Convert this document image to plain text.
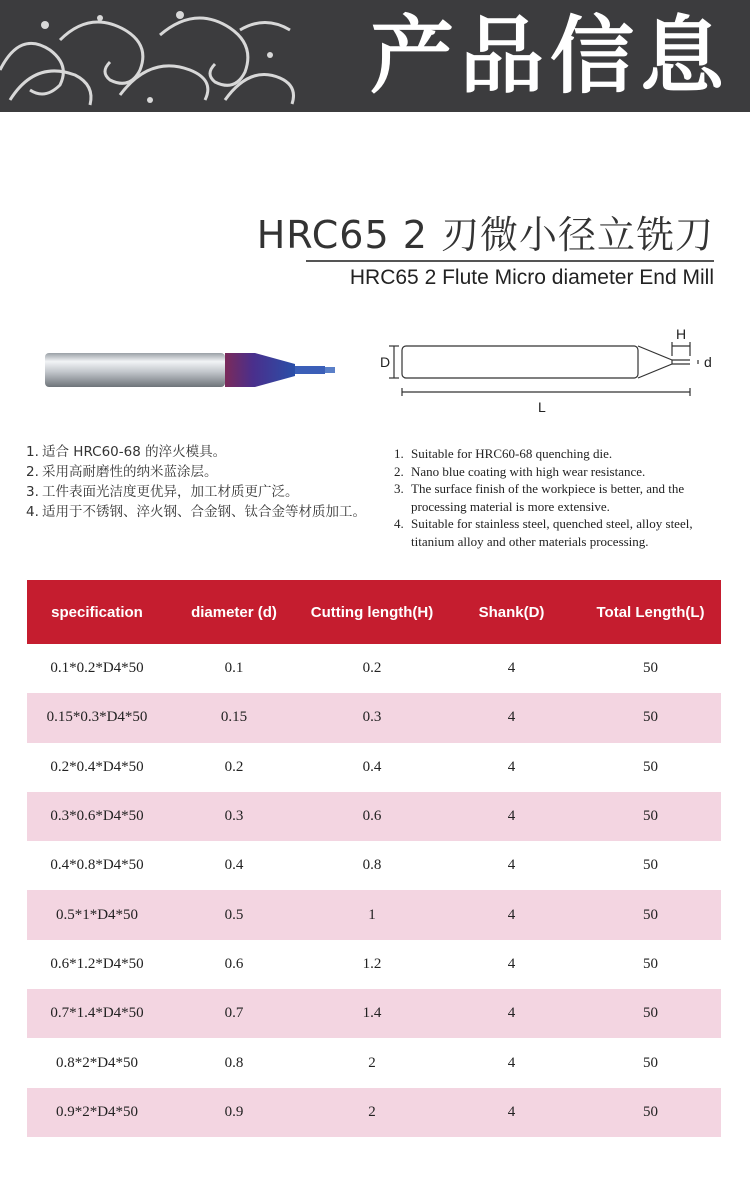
产品信息
HRC65 2 刃微小径立铣刀
HRC65 2 Flute Micro diameter End Mill
D
H
d
L
1. 适合 HRC60-68 的淬火模具。
2. 采用高耐磨性的纳米蓝涂层。
3. 工件表面光洁度更优异，加工材质更广泛。
4. 适用于不锈钢、淬火钢、合金钢、钛合金等材质加工。
1. Suitable for HRC60-68 quenching die.
2. Nano blue coating with high wear resistance.
3. The surface finish of the workpiece is better, and the processing material is more extensive.
4. Suitable for stainless steel, quenched steel, alloy steel, titanium alloy and other materials processing.
specification	diameter (d)	Cutting length(H)	Shank(D)	Total Length(L)
0.1*0.2*D4*50	0.1	0.2	4	50
0.15*0.3*D4*50	0.15	0.3	4	50
0.2*0.4*D4*50	0.2	0.4	4	50
0.3*0.6*D4*50	0.3	0.6	4	50
0.4*0.8*D4*50	0.4	0.8	4	50
0.5*1*D4*50	0.5	1	4	50
0.6*1.2*D4*50	0.6	1.2	4	50
0.7*1.4*D4*50	0.7	1.4	4	50
0.8*2*D4*50	0.8	2	4	50
0.9*2*D4*50	0.9	2	4	50
